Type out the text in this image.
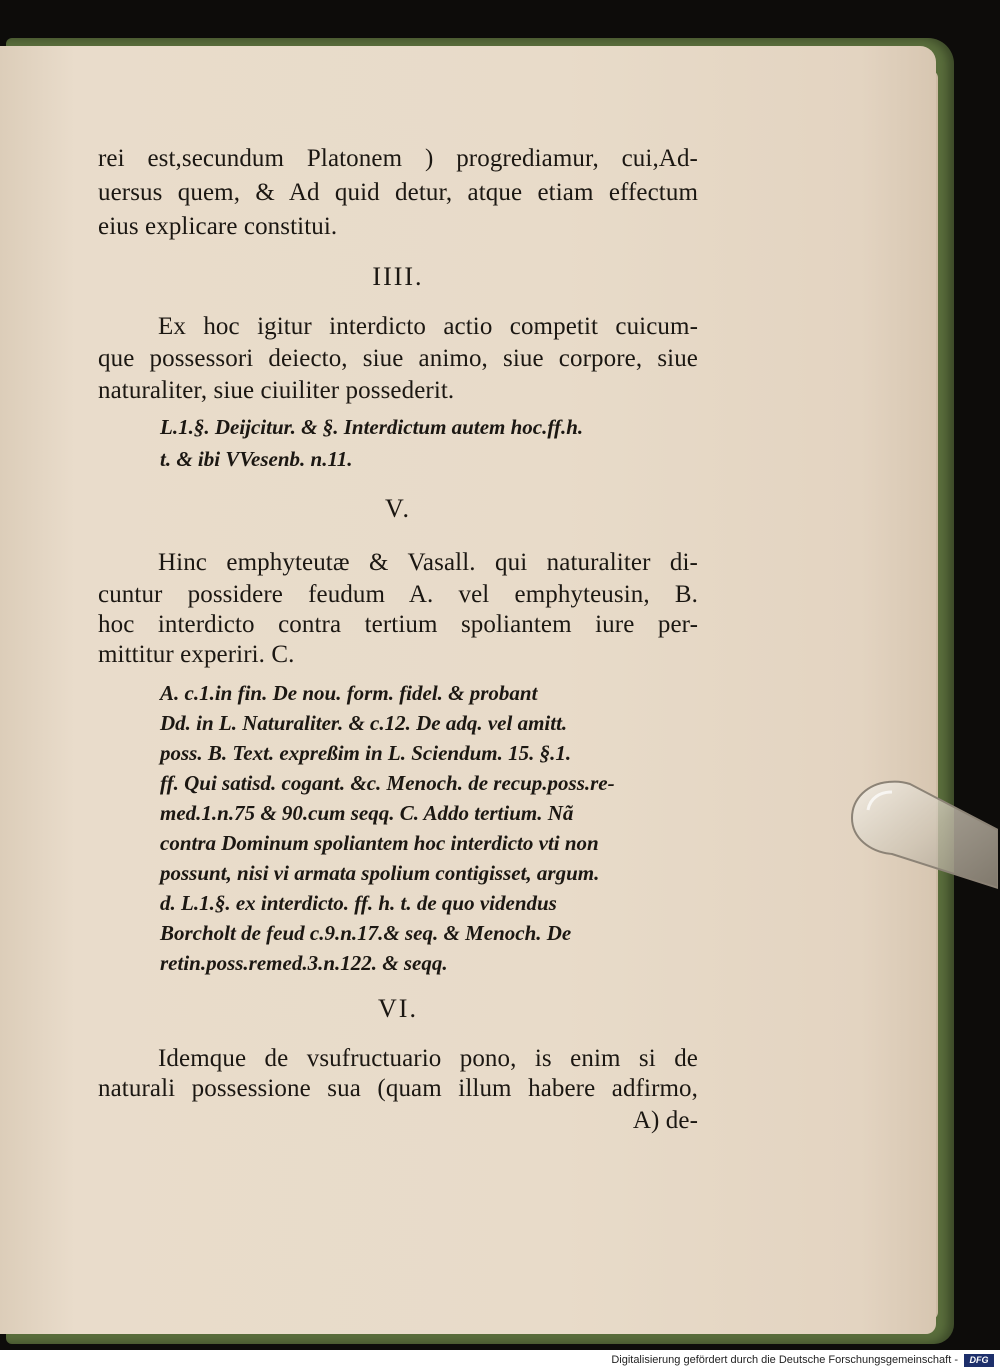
rei est,secundum Platonem ) progrediamur, cui,Ad-
uersus quem, & Ad quid detur, atque etiam effectum
eius explicare constitui.
IIII.
Ex hoc igitur interdicto actio competit cuicum-
que possessori deiecto, siue animo, siue corpore, siue
naturaliter, siue ciuiliter possederit.
L.1.§. Deijcitur. & §. Interdictum autem hoc.ff.h.
t. & ibi VVesenb. n.11.
V.
Hinc emphyteutæ & Vasall. qui naturaliter di-
cuntur possidere feudum A. vel emphyteusin, B.
hoc interdicto contra tertium spoliantem iure per-
mittitur experiri. C.
A. c.1.in fin. De nou. form. fidel. & probant
Dd. in L. Naturaliter. & c.12. De adq. vel amitt.
poss. B. Text. expreßim in L. Sciendum. 15. §.1.
ff. Qui satisd. cogant. &c. Menoch. de recup.poss.re-
med.1.n.75 & 90.cum seqq. C. Addo tertium. Nã
contra Dominum spoliantem hoc interdicto vti non
possunt, nisi vi armata spolium contigisset, argum.
d. L.1.§. ex interdicto. ff. h. t. de quo videndus
Borcholt de feud c.9.n.17.& seq. & Menoch. De
retin.poss.remed.3.n.122. & seqq.
VI.
Idemque de vsufructuario pono, is enim si de
naturali possessione sua (quam illum habere adfirmo,
A) de-
Digitalisierung gefördert durch die Deutsche Forschungsgemeinschaft -	DFG
